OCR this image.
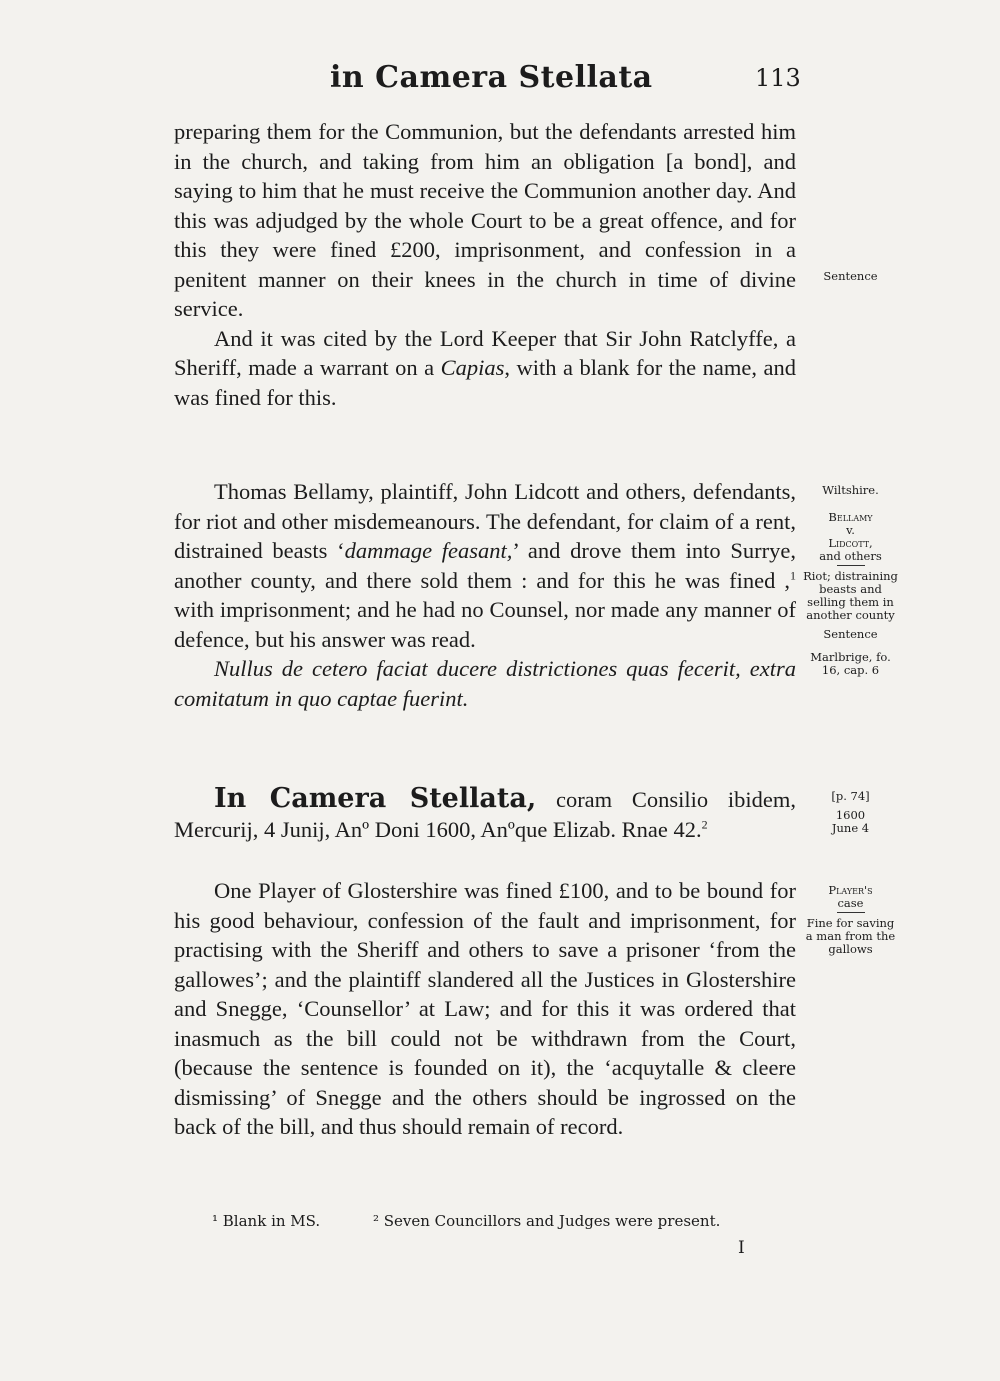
in Camera Stellata	113

preparing them for the Communion, but the defendants arrested him in the church, and taking from him an obligation [a bond], and saying to him that he must receive the Communion another day. And this was adjudged by the whole Court to be a great offence, and for this they were fined £200, imprisonment, and confession in a penitent manner on their knees in the church in time of divine service.

And it was cited by the Lord Keeper that Sir John Ratclyffe, a Sheriff, made a warrant on a Capias, with a blank for the name, and was fined for this.

Thomas Bellamy, plaintiff, John Lidcott and others, defendants, for riot and other misdemeanours. The defendant, for claim of a rent, distrained beasts ‘dammage feasant,’ and drove them into Surrye, another county, and there sold them : and for this he was fined ,$^1$ with imprisonment; and he had no Counsel, nor made any manner of defence, but his answer was read.

Nullus de cetero faciat ducere districtiones quas fecerit, extra comitatum in quo captae fuerint.

In Camera Stellata, coram Consilio ibidem, Mercurij, 4 Junij, Anº Doni 1600, Anºque Elizab. Rnae 42.$^2$

One Player of Glostershire was fined £100, and to be bound for his good behaviour, confession of the fault and imprisonment, for practising with the Sheriff and others to save a prisoner ‘from the gallowes’; and the plaintiff slandered all the Justices in Glostershire and Snegge, ‘Counsellor’ at Law; and for this it was ordered that inasmuch as the bill could not be withdrawn from the Court, (because the sentence is founded on it), the ‘acquytalle & cleere dismissing’ of Snegge and the others should be ingrossed on the back of the bill, and thus should remain of record.

Sentence
Wiltshire.
Bellamy
v.
Lidcott,
and others
Riot; distraining beasts and selling them in another county
Sentence
Marlbrige, fo. 16, cap. 6
[p. 74]
1600
June 4
Player's
case
Fine for saving a man from the gallows
¹ Blank in MS.	² Seven Councillors and Judges were present.
I
